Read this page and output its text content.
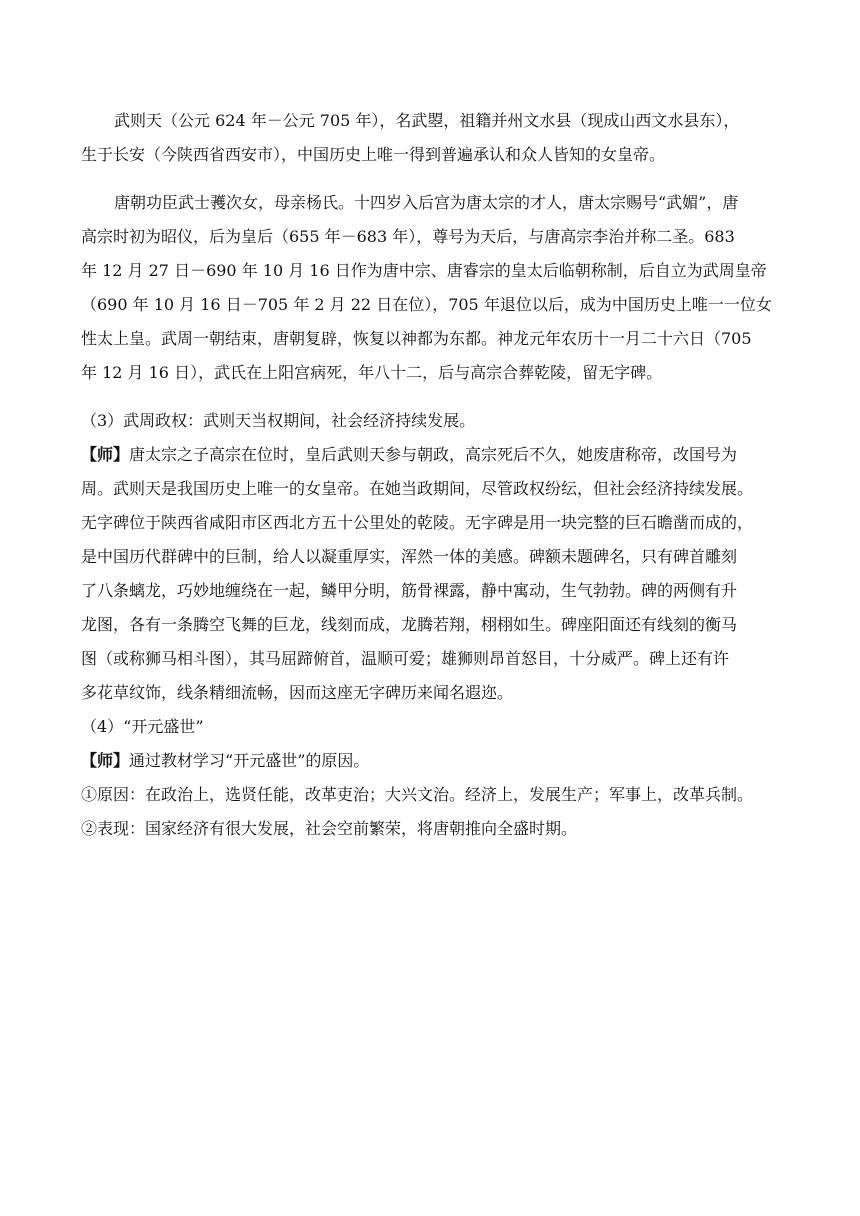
武则天（公元 624 年－公元 705 年），名武曌，祖籍并州文水县（现成山西文水县东），
生于长安（今陕西省西安市），中国历史上唯一得到普遍承认和众人皆知的女皇帝。
唐朝功臣武士彟次女，母亲杨氏。十四岁入后宫为唐太宗的才人，唐太宗赐号“武媚”，唐
高宗时初为昭仪，后为皇后（655 年－683 年），尊号为天后，与唐高宗李治并称二圣。683
年 12 月 27 日－690 年 10 月 16 日作为唐中宗、唐睿宗的皇太后临朝称制，后自立为武周皇帝
（690 年 10 月 16 日－705 年 2 月 22 日在位），705 年退位以后，成为中国历史上唯一一位女
性太上皇。武周一朝结束，唐朝复辟，恢复以神都为东都。神龙元年农历十一月二十六日（705
年 12 月 16 日），武氏在上阳宫病死，年八十二，后与高宗合葬乾陵，留无字碑。
（3）武周政权：武则天当权期间，社会经济持续发展。
【师】唐太宗之子高宗在位时，皇后武则天参与朝政，高宗死后不久，她废唐称帝，改国号为
周。武则天是我国历史上唯一的女皇帝。在她当政期间，尽管政权纷纭，但社会经济持续发展。
无字碑位于陕西省咸阳市区西北方五十公里处的乾陵。无字碑是用一块完整的巨石瞻凿而成的，
是中国历代群碑中的巨制，给人以凝重厚实，浑然一体的美感。碑额未题碑名，只有碑首雕刻
了八条螭龙，巧妙地缠绕在一起，鳞甲分明，筋骨裸露，静中寓动，生气勃勃。碑的两侧有升
龙图，各有一条腾空飞舞的巨龙，线刻而成，龙腾若翔，栩栩如生。碑座阳面还有线刻的衡马
图（或称狮马相斗图），其马屈蹄俯首，温顺可爱；雄狮则昂首怒目，十分威严。碑上还有许
多花草纹饰，线条精细流畅，因而这座无字碑历来闻名遐迩。
（4）“开元盛世”
【师】通过教材学习“开元盛世”的原因。
①原因：在政治上，选贤任能，改革吏治；大兴文治。经济上，发展生产；军事上，改革兵制。
②表现：国家经济有很大发展，社会空前繁荣，将唐朝推向全盛时期。
